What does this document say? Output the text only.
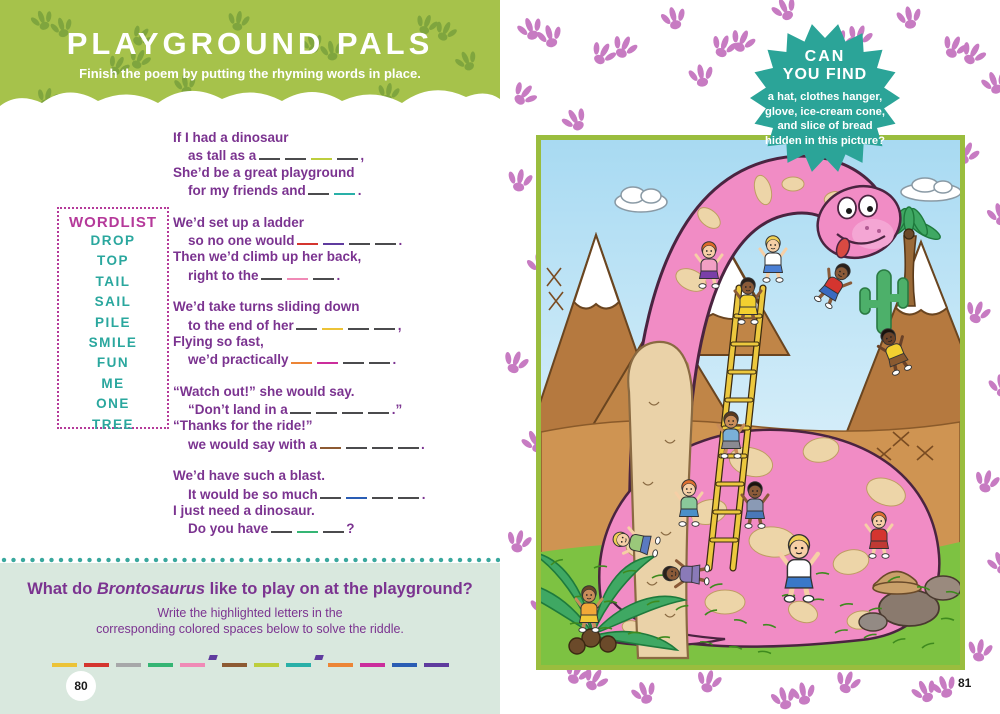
PLAYGROUND PALS
Finish the poem by putting the rhyming words in place.
WORDLIST
DROP
TOP
TAIL
SAIL
PILE
SMILE
FUN
ME
ONE
TREE
If I had a dinosaur
as tall as a	,
She’d be a great playground
for my friends and	.
We’d set up a ladder
so no one would	.
Then we’d climb up her back,
right to the	.
We’d take turns sliding down
to the end of her	,
Flying so fast,
we’d practically	.
“Watch out!” she would say.
“Don’t land in a	.”
“Thanks for the ride!”
we would say with a	.
We’d have such a blast.
It would be so much	.
I just need a dinosaur.
Do you have	?
What do Brontosaurus like to play on at the playground?
Write the highlighted letters in the
corresponding colored spaces below to solve the riddle.
80
CAN
YOU FIND
a hat, clothes hanger, glove, ice-cream cone, and slice of bread hidden in this picture?
81
